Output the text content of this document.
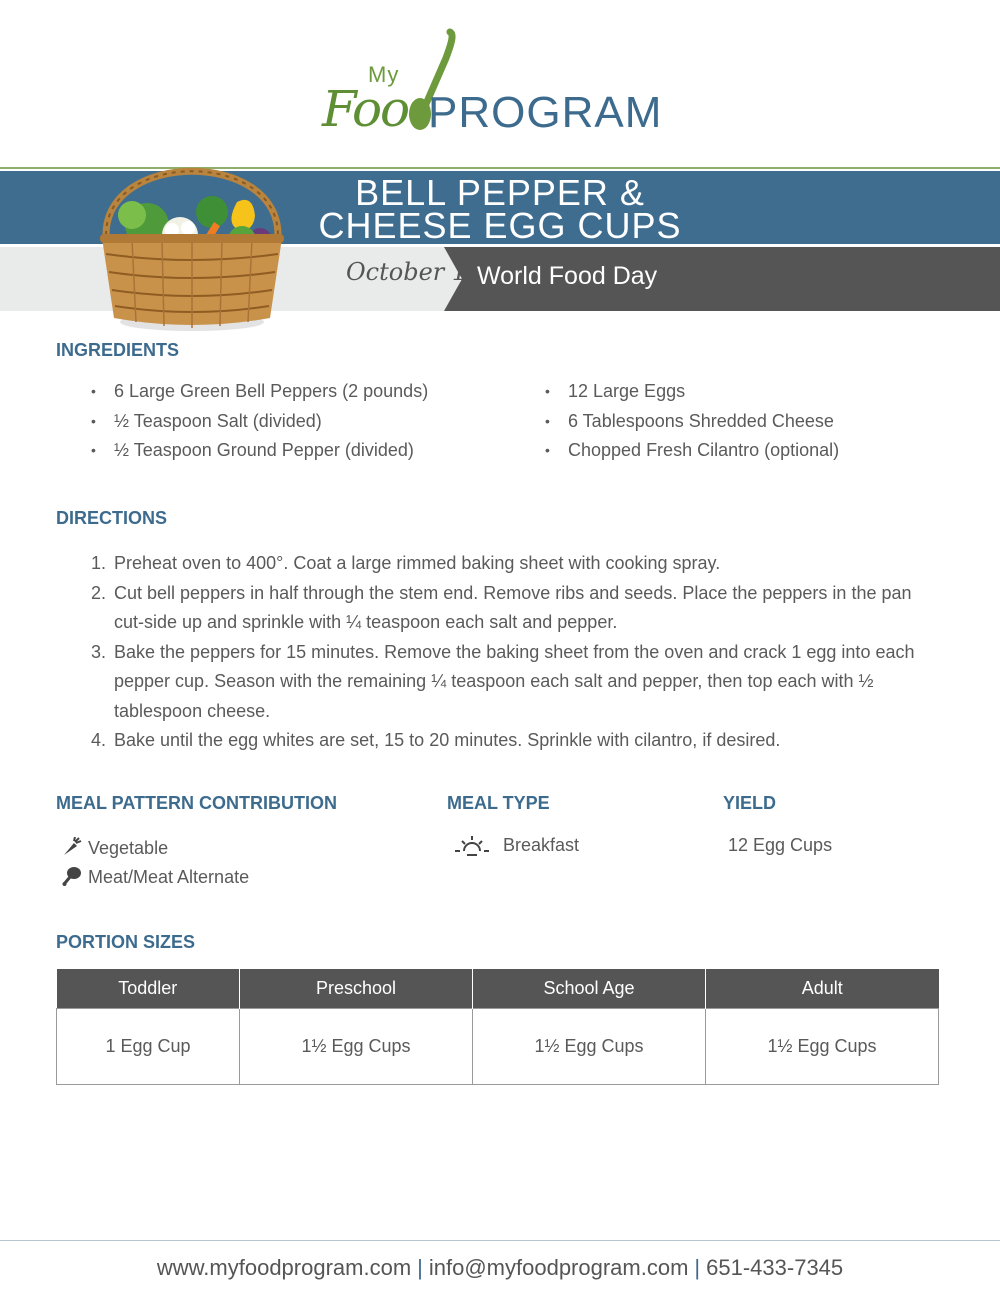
My
Foo PROGRAM
BELL PEPPER &
CHEESE EGG CUPS
October 16
World Food Day
INGREDIENTS
• 6 Large Green Bell Peppers (2 pounds)
• ½ Teaspoon Salt (divided)
• ½ Teaspoon Ground Pepper (divided)
• 12 Large Eggs
• 6 Tablespoons Shredded Cheese
• Chopped Fresh Cilantro (optional)
DIRECTIONS
1. Preheat oven to 400°. Coat a large rimmed baking sheet with cooking spray.
2. Cut bell peppers in half through the stem end. Remove ribs and seeds. Place the peppers in the pan cut-side up and sprinkle with ¼ teaspoon each salt and pepper.
3. Bake the peppers for 15 minutes. Remove the baking sheet from the oven and crack 1 egg into each pepper cup. Season with the remaining ¼ teaspoon each salt and pepper, then top each with ½ tablespoon cheese.
4. Bake until the egg whites are set, 15 to 20 minutes. Sprinkle with cilantro, if desired.
MEAL PATTERN CONTRIBUTION	MEAL TYPE	YIELD
Vegetable
Meat/Meat Alternate
Breakfast	12 Egg Cups
PORTION SIZES
Toddler	Preschool	School Age	Adult
1 Egg Cup	1½ Egg Cups	1½ Egg Cups	1½ Egg Cups
www.myfoodprogram.com | info@myfoodprogram.com | 651-433-7345
